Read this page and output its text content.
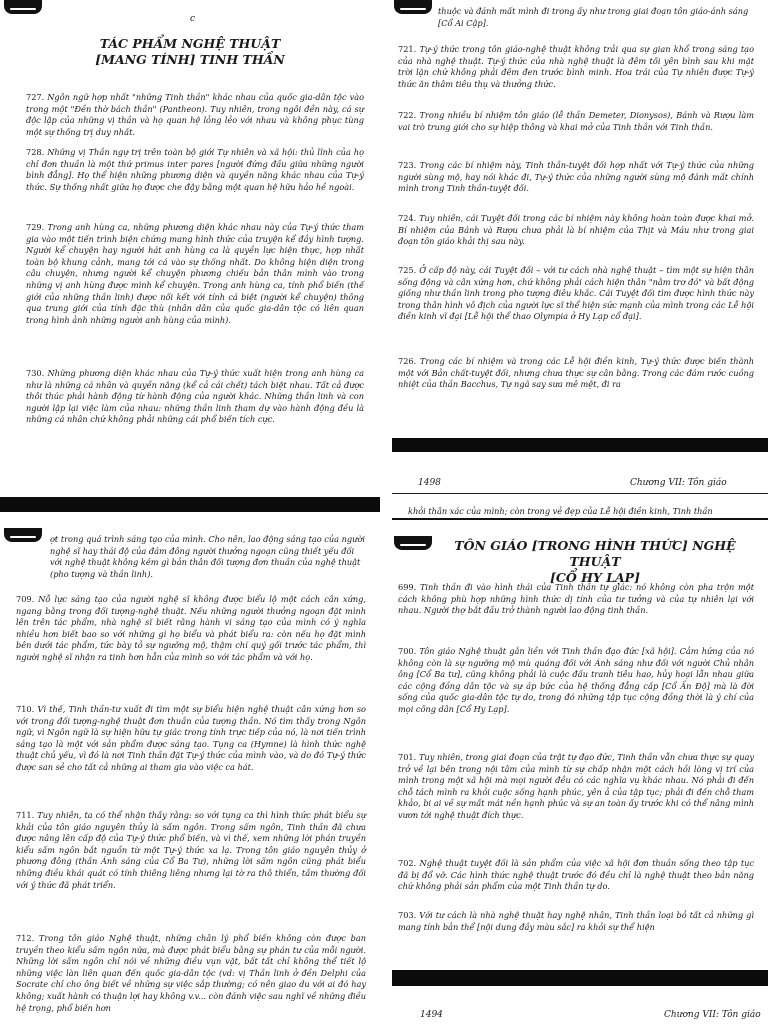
c

TÁC PHẨM NGHỆ THUẬT

[MANG TÍNH] TINH THẦN

727. Ngôn ngữ hợp nhất "những Tinh thần" khác nhau của quốc gia-dân tộc vào trong một "Đền thờ bách thần" (Pantheon). Tuy nhiên, trong ngôi đền này, cá sự độc lập của những vị thần và họ quan hệ lỏng lẻo với nhau và không phục tùng một sự thống trị duy nhất.
728. Những vị Thần ngự trị trên toàn bộ giới Tự nhiên và xã hội: thủ lĩnh của họ chỉ đơn thuần là một thứ primus inter pares [người đứng đầu giữa những người bình đẳng]. Họ thể hiện những phương diện và quyền năng khác nhau của Tự-ý thức. Sự thống nhất giữa họ được che đậy bằng một quan hệ hữu hảo hề ngoài.
729. Trong anh hùng ca, những phương diện khác nhau này của Tự-ý thức tham gia vào một tiến trình biện chứng mang hình thức của truyện kể đầy hình tượng. Người kể chuyện hay người hát anh hùng ca là quyền lực hiện thực, hợp nhất toàn bộ khung cảnh, mang tới cá vào sự thống nhất. Do không hiện diện trong câu chuyện, nhưng người kể chuyện phương chiếu bản thân mình vào trong những vị anh hùng được mình kể chuyện. Trong anh hùng ca, tính phổ biến (thế giới của những thần linh) được nối kết với tính cá biệt (người kể chuyện) thông qua trung giới của tính đặc thù (nhân dân của quốc gia-dân tộc có liên quan trong hình ảnh những người anh hùng của mình).
730. Những phương diện khác nhau của Tự-ý thức xuất hiện trong anh hùng ca như là những cá nhân và quyền năng (kể cả cái chết) tách biệt nhau. Tất cả được thôi thúc phải hành động từ hành động của người khác. Những thần linh và con người lập lại việc làm của nhau: những thần linh tham dự vào hành động đều là những cá nhân chứ không phải những cái phổ biến tích cực.
thuộc và đánh mất mình đi trong ấy như trong giai đoạn tôn giáo-ánh sáng [Cổ Ai Cập].
721. Tự-ý thức trong tôn giáo-nghệ thuật không trải qua sự gian khổ trong sáng tạo của nhà nghệ thuật. Tự-ý thức của nhà nghệ thuật là đêm tối yên bình sau khi mặt trời lặn chứ không phải đêm đen trước bình minh. Hoa trái của Tự nhiên được Tự-ý thức ăn thâm tiêu thụ và thưởng thức.
722. Trong nhiều bí nhiệm tôn giáo (lễ thần Demeter, Dionysos), Bánh và Rượu làm vai trò trung giới cho sự hiệp thông và khai mở của Tinh thần với Tinh thần.
723. Trong các bí nhiệm này, Tinh thần-tuyệt đối hợp nhất với Tự-ý thức của những người sùng mộ, hay nói khác đi, Tự-ý thức của những người sùng mộ đánh mất chính mình trong Tinh thần-tuyệt đối.
724. Tuy nhiên, cái Tuyệt đối trong các bí nhiệm này không hoàn toàn được khai mở. Bí nhiệm của Bánh và Rượu chưa phải là bí nhiệm của Thịt và Máu như trong giai đoạn tôn giáo khải thị sau này.
725. Ở cấp độ này, cái Tuyệt đối – với tư cách nhà nghệ thuật – tìm một sự hiện thân sống động và cân xứng hơn, chứ không phải cách hiện thân "nằm trơ đó" và bất động giống như thần linh trong pho tượng điêu khắc. Cái Tuyệt đối tìm được hình thức này trong thân hình vô địch của người lực sĩ thể hiện sức mạnh của mình trong các Lễ hội điền kinh vĩ đại [Lễ hội thể thao Olympia ở Hy Lạp cổ đại].
726. Trong các bí nhiệm và trong các Lễ hội điền kinh, Tự-ý thức được biến thành một với Bản chất-tuyệt đối, nhưng chưa thực sự cân bằng. Trong các đám rước cuồng nhiệt của thần Bacchus, Tự ngã say sưa mê mệt, đi ra
1498	Chương VII: Tôn giáo
khỏi thân xác của mình; còn trong vẻ đẹp của Lễ hội điền kinh, Tinh thần
ợt trong quá trình sáng tạo của mình. Cho nên, lao động sáng tạo của người nghệ sĩ hay thái độ của đám đông người thưởng ngoạn cũng thiết yếu đối với nghệ thuật không kém gì bản thân đối tượng đơn thuần của nghệ thuật (pho tượng và thần linh).
709. Nỗ lực sáng tạo của người nghệ sĩ không được biểu lộ một cách cân xứng, ngang bằng trong đối tượng-nghệ thuật. Nếu những người thưởng ngoạn đặt mình lên trên tác phẩm, nhà nghệ sĩ biết rằng hành vi sáng tạo của mình có ý nghĩa nhiều hơn biết bao so với những gì họ biểu và phát biểu ra: còn nếu họ đặt mình bên dưới tác phẩm, tức bày tỏ sự ngưỡng mộ, thậm chí quý gối trước tác phẩm, thì người nghệ sĩ nhận ra tinh hơn hẳn của mình so với tác phẩm và với họ.
710. Vì thế, Tinh thần-tư xuất đi tìm một sự biểu hiện nghệ thuật cân xứng hơn so với trong đối tượng-nghệ thuật đơn thuần của tượng thần. Nó tìm thấy trong Ngôn ngữ, vì Ngôn ngữ là sự hiện hữu tự giác trong tính trực tiếp của nó, là nơi tiến trình sáng tạo là một với sản phẩm được sáng tạo. Tụng ca (Hymne) là hình thức nghệ thuật chủ yếu, vì đó là nơi Tinh thần đặt Tự-ý thức của mình vào, và do đó Tự-ý thức được san sẻ cho tất cả những ai tham gia vào việc ca hát.
711. Tuy nhiên, ta có thể nhận thấy rằng: so với tụng ca thì hình thức phát biểu sự khải của tôn giáo nguyên thủy là sấm ngôn. Trong sấm ngôn, Tinh thần đã chưa được nâng lên cấp độ của Tự-ý thức phổ biến, và vì thế, xem những lời phán truyền kiểu sấm ngôn bắt nguồn từ một Tự-ý thức xa lạ. Trong tôn giáo nguyên thủy ở phương đông (thần Ánh sáng của Cổ Ba Tư), những lời sấm ngôn cũng phát biểu những điều khái quát có tính thiêng liêng nhưng lại tờ ra thô thiển, tầm thường đối với ý thức đã phát triển.
712. Trong tôn giáo Nghệ thuật, những chân lý phổ biến không còn được ban truyền theo kiểu sấm ngôn nữa, mà được phát biểu bằng sự phán tư của mỗi người. Những lời sấm ngôn chỉ nói về những điều vụn vặt, bất tất chỉ không thể tiết lộ những việc làn liên quan đến quốc gia-dân tộc (vd: vị Thần linh ở đền Delphi của Socrate chỉ cho ông biết về những sự việc sắp thường; có nên giao du với ai đó hay không; xuất hành có thuận lợi hay không v.v... còn đánh việc sau nghĩ về những điều hệ trọng, phổ biến hơn

TÔN GIÁO [TRONG HÌNH THỨC] NGHỆ THUẬT

[CỔ HY LẠP]

699. Tinh thần đi vào hình thái của Tinh thần tự giác: nó không còn pha trộn một cách không phù hợp những hình thức dị tính của tư tưởng và của tự nhiên lại với nhau. Người thợ bắt đầu trở thành người lao động tinh thần.
700. Tôn giáo Nghệ thuật gắn liền với Tinh thần đạo đức [xã hội]. Cảm hứng của nó không còn là sự ngưỡng mộ mù quáng đối với Ánh sáng như đối với người Chủ nhân ông [Cổ Ba tư], cũng không phải là cuộc đấu tranh tiêu hao, hủy hoại lẫn nhau giữa các cộng đồng dân tộc và sự áp bức của hệ thống đẳng cấp [Cổ Ấn Độ] mà là đời sống của quốc gia-dân tộc tự do, trong đó những tập tục cộng đồng thời là ý chí của mọi công dân [Cổ Hy Lạp].
701. Tuy nhiên, trong giai đoạn của trật tự đạo đức, Tinh thần vẫn chưa thực sự quay trở về lại bên trong nội tâm của mình từ sự chấp nhận một cách hồi lòng vị trí của mình trong một xã hội mà mọi người đều có các nghĩa vụ khác nhau. Nó phải đi đến chỗ tách mình ra khỏi cuộc sống hạnh phúc, yên ả của tập tục; phải đi đến chỗ tham khảo, bi ai về sự mất mát nền hạnh phúc và sự an toàn ấy trước khi có thể nâng mình vươn tới nghệ thuật đích thực.
702. Nghệ thuật tuyệt đối là sản phẩm của việc xã hội đơn thuần sống theo tập tục đã bị đổ vỡ. Các hình thức nghệ thuật trước đó đều chỉ là nghệ thuật theo bản năng chứ không phải sản phẩm của một Tinh thần tự do.
703. Với tư cách là nhà nghệ thuật hay nghệ nhân, Tinh thần loại bỏ tất cả những gì mang tính bản thể [nội dung đầy màu sắc] ra khỏi sự thể hiện
1494	Chương VII: Tôn giáo
